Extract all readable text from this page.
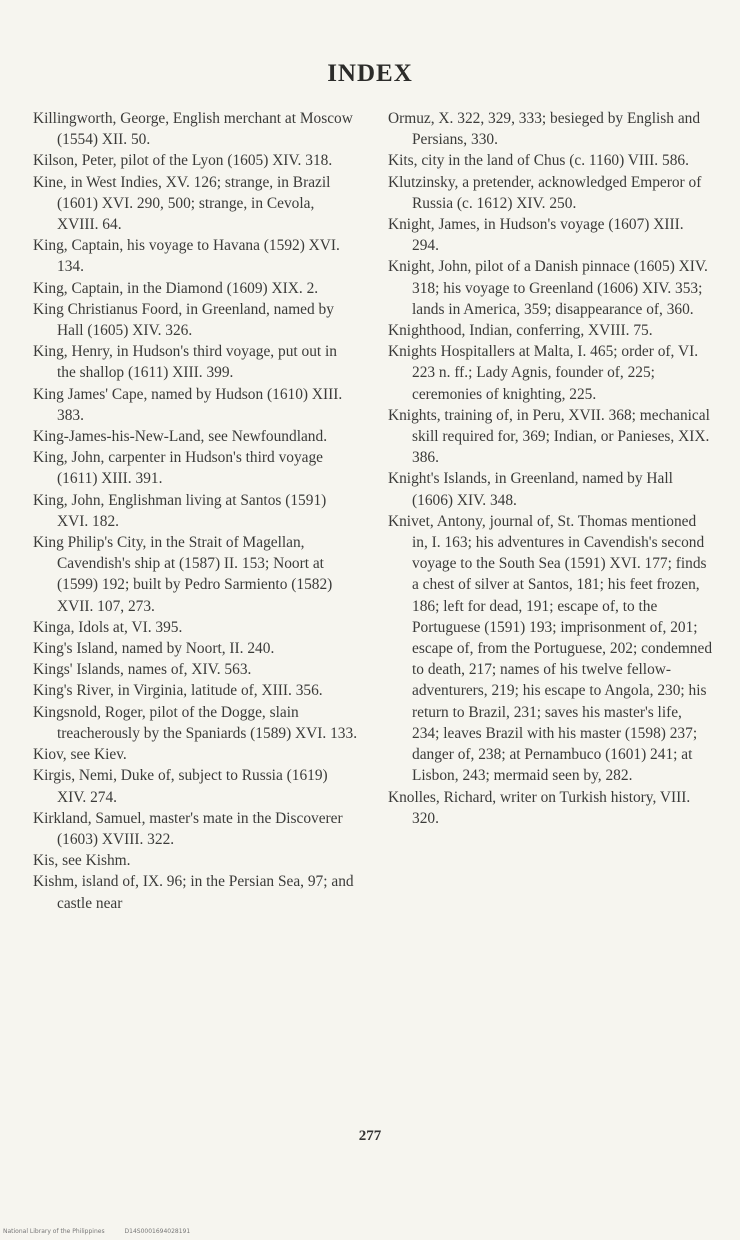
INDEX

Killingworth, George, English merchant at Moscow (1554) XII. 50.

Kilson, Peter, pilot of the Lyon (1605) XIV. 318.

Kine, in West Indies, XV. 126; strange, in Brazil (1601) XVI. 290, 500; strange, in Cevola, XVIII. 64.

King, Captain, his voyage to Havana (1592) XVI. 134.

King, Captain, in the Diamond (1609) XIX. 2.

King Christianus Foord, in Greenland, named by Hall (1605) XIV. 326.

King, Henry, in Hudson's third voyage, put out in the shallop (1611) XIII. 399.

King James' Cape, named by Hudson (1610) XIII. 383.

King-James-his-New-Land, see Newfoundland.

King, John, carpenter in Hudson's third voyage (1611) XIII. 391.

King, John, Englishman living at Santos (1591) XVI. 182.

King Philip's City, in the Strait of Magellan, Cavendish's ship at (1587) II. 153; Noort at (1599) 192; built by Pedro Sarmiento (1582) XVII. 107, 273.

Kinga, Idols at, VI. 395.

King's Island, named by Noort, II. 240.

Kings' Islands, names of, XIV. 563.

King's River, in Virginia, latitude of, XIII. 356.

Kingsnold, Roger, pilot of the Dogge, slain treacherously by the Spaniards (1589) XVI. 133.

Kiov, see Kiev.

Kirgis, Nemi, Duke of, subject to Russia (1619) XIV. 274.

Kirkland, Samuel, master's mate in the Discoverer (1603) XVIII. 322.

Kis, see Kishm.

Kishm, island of, IX. 96; in the Persian Sea, 97; and castle near

Ormuz, X. 322, 329, 333; besieged by English and Persians, 330.

Kits, city in the land of Chus (c. 1160) VIII. 586.

Klutzinsky, a pretender, acknowledged Emperor of Russia (c. 1612) XIV. 250.

Knight, James, in Hudson's voyage (1607) XIII. 294.

Knight, John, pilot of a Danish pinnace (1605) XIV. 318; his voyage to Greenland (1606) XIV. 353; lands in America, 359; disappearance of, 360.

Knighthood, Indian, conferring, XVIII. 75.

Knights Hospitallers at Malta, I. 465; order of, VI. 223 n. ff.; Lady Agnis, founder of, 225; ceremonies of knighting, 225.

Knights, training of, in Peru, XVII. 368; mechanical skill required for, 369; Indian, or Panieses, XIX. 386.

Knight's Islands, in Greenland, named by Hall (1606) XIV. 348.

Knivet, Antony, journal of, St. Thomas mentioned in, I. 163; his adventures in Cavendish's second voyage to the South Sea (1591) XVI. 177; finds a chest of silver at Santos, 181; his feet frozen, 186; left for dead, 191; escape of, to the Portuguese (1591) 193; imprisonment of, 201; escape of, from the Portuguese, 202; condemned to death, 217; names of his twelve fellow-adventurers, 219; his escape to Angola, 230; his return to Brazil, 231; saves his master's life, 234; leaves Brazil with his master (1598) 237; danger of, 238; at Pernambuco (1601) 241; at Lisbon, 243; mermaid seen by, 282.

Knolles, Richard, writer on Turkish history, VIII. 320.

277
National Library of the Philippines	D14S0001694028191
